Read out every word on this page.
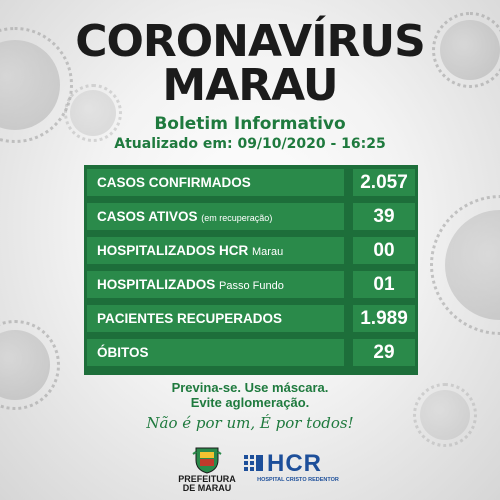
CORONAVÍRUS
MARAU
Boletim Informativo
Atualizado em: 09/10/2020 - 16:25
CASOS CONFIRMADOS	2.057
CASOS ATIVOS (em recuperação)	39
HOSPITALIZADOS HCR Marau	00
HOSPITALIZADOS Passo Fundo	01
PACIENTES RECUPERADOS	1.989
ÓBITOS	29
Previna-se. Use máscara.
Evite aglomeração.
Não é por um, É por todos!
PREFEITURA
DE MARAU
HCR
HOSPITAL CRISTO REDENTOR
